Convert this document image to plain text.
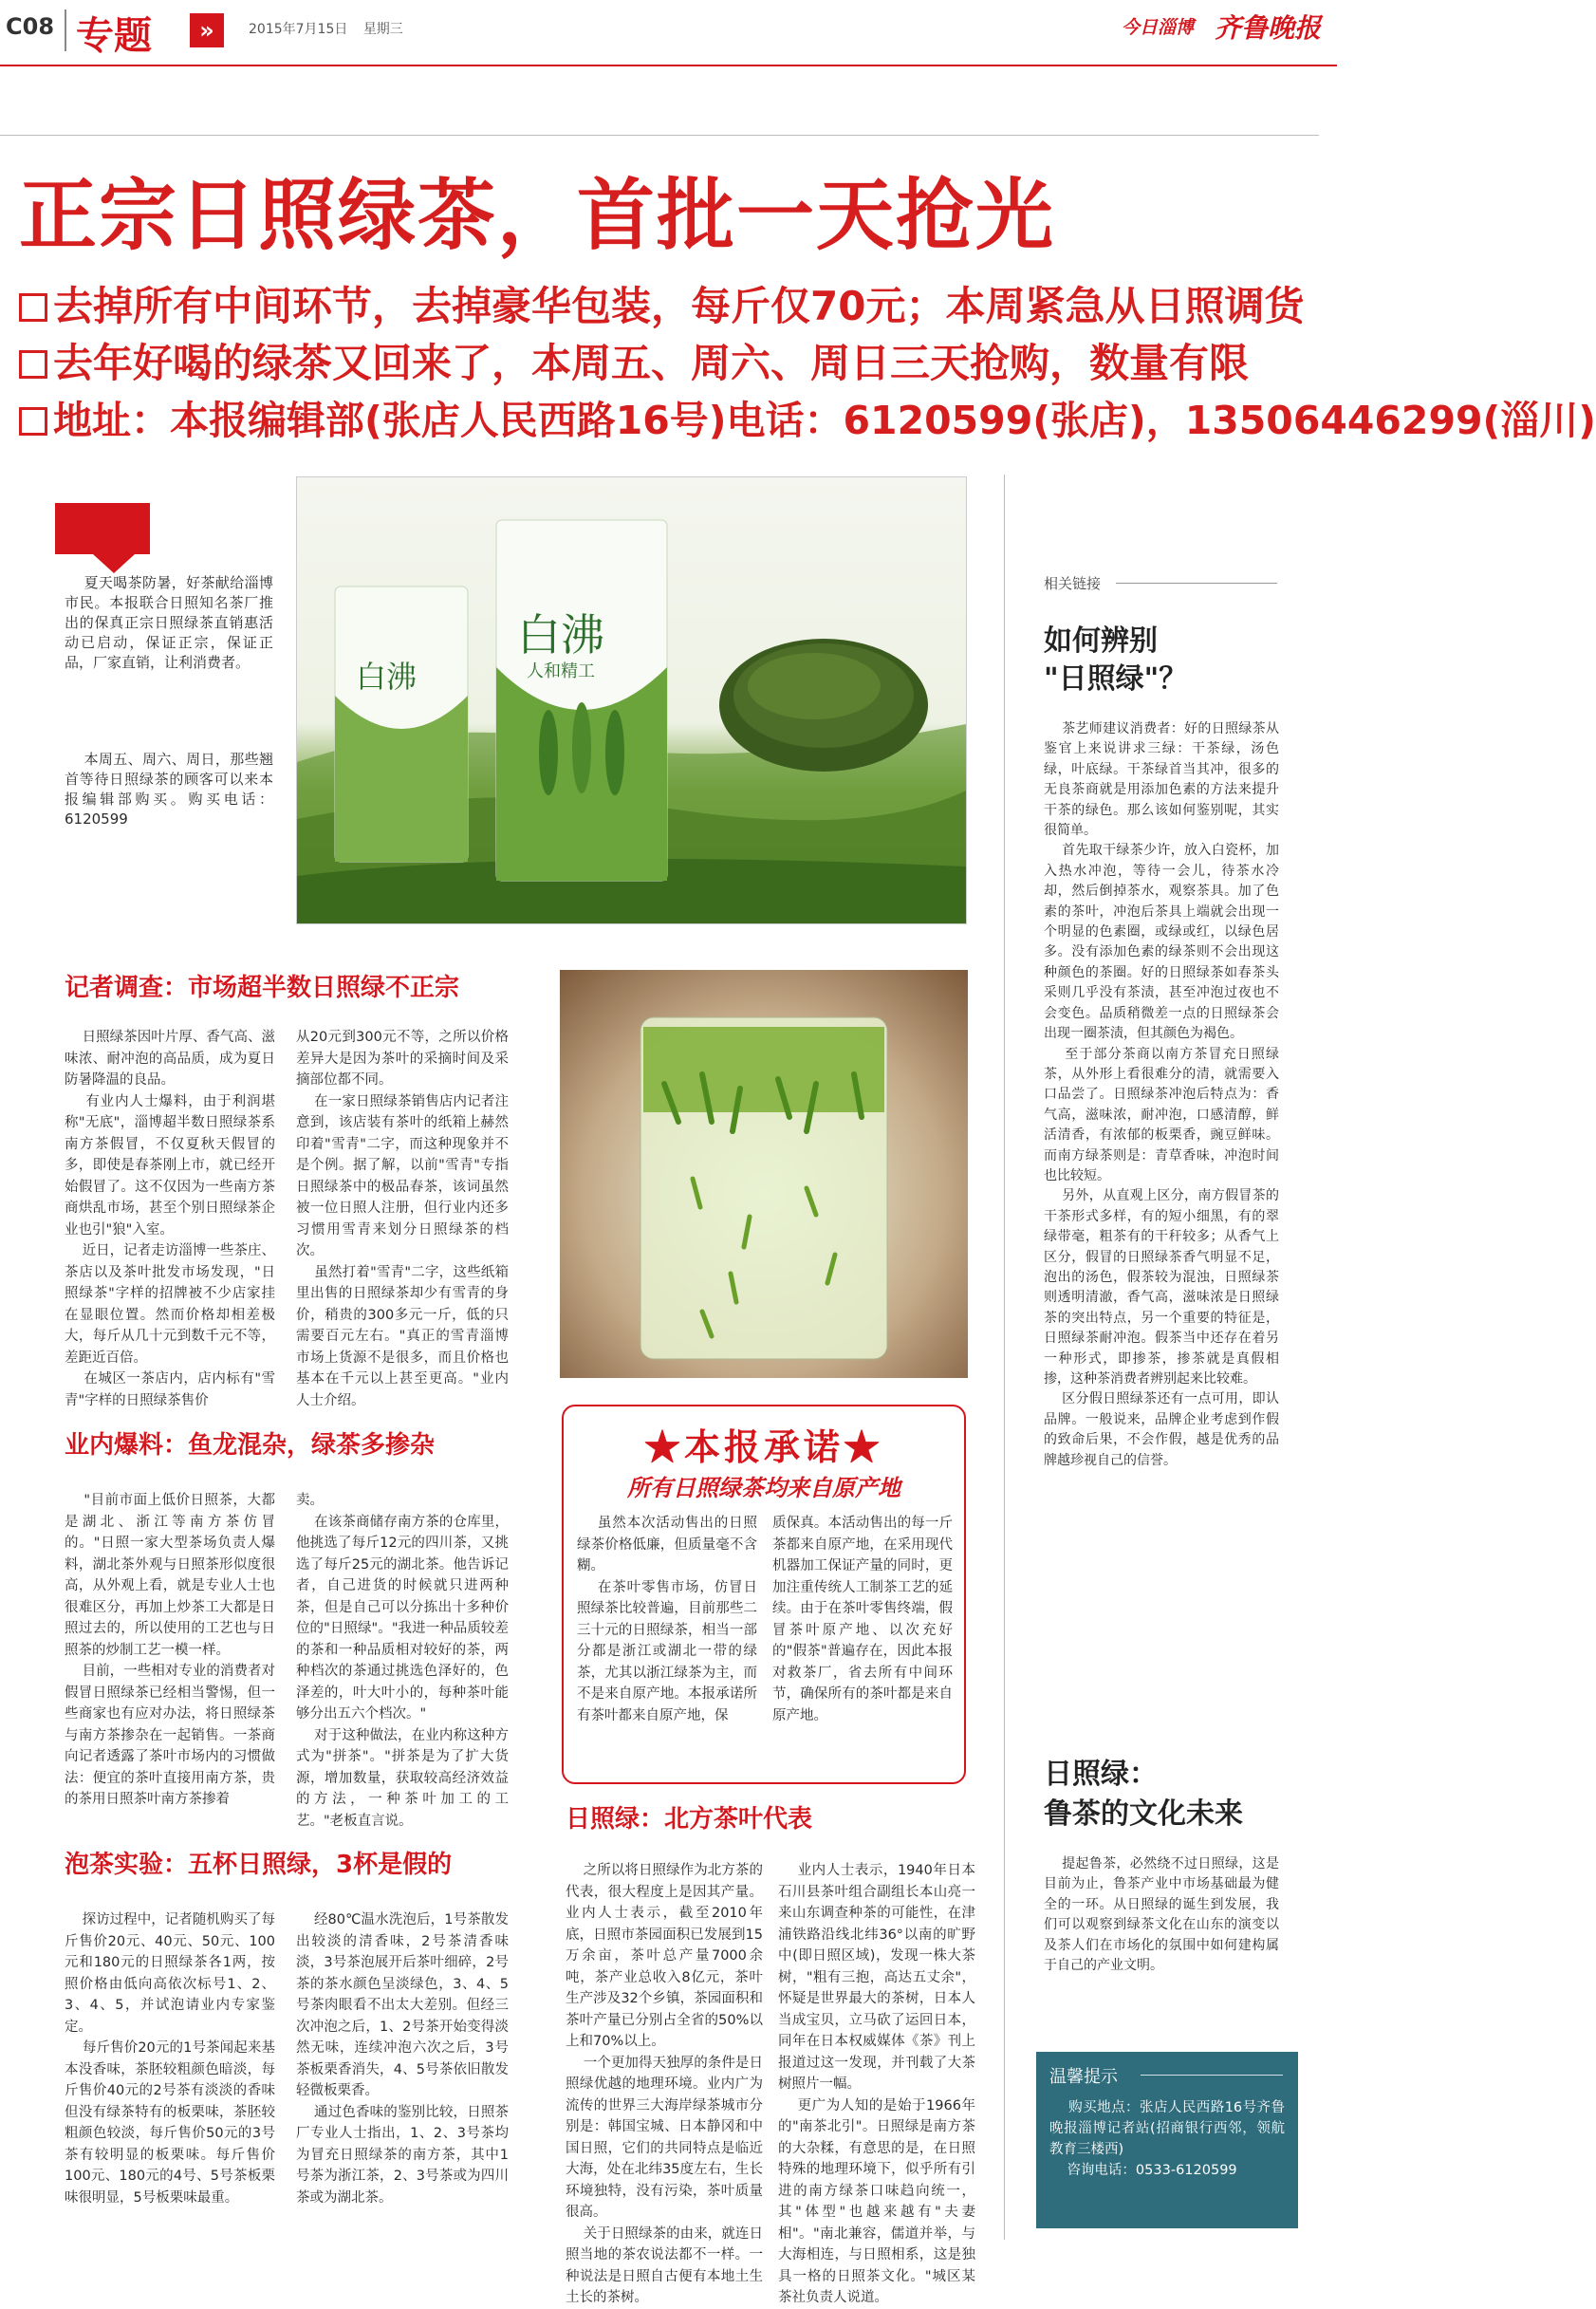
C08 专题	»	2015年7月15日 星期三	今日淄博 齐鲁晚报
正宗日照绿茶，首批一天抢光
去掉所有中间环节，去掉豪华包装，每斤仅70元；本周紧急从日照调货
去年好喝的绿茶又回来了，本周五、周六、周日三天抢购，数量有限
地址：本报编辑部(张店人民西路16号)电话：6120599(张店)，13506446299(淄川)
夏天喝茶防暑，好茶献给淄博市民。本报联合日照知名茶厂推出的保真正宗日照绿茶直销惠活动已启动，保证正宗，保证正品，厂家直销，让利消费者。
本周五、周六、周日，那些翘首等待日照绿茶的顾客可以来本报编辑部购买。购买电话：6120599
白沸
人和精工
白沸
记者调查：市场超半数日照绿不正宗
日照绿茶因叶片厚、香气高、滋味浓、耐冲泡的高品质，成为夏日防暑降温的良品。
有业内人士爆料，由于利润堪称"无底"，淄博超半数日照绿茶系南方茶假冒，不仅夏秋天假冒的多，即使是春茶刚上市，就已经开始假冒了。这不仅因为一些南方茶商烘乱市场，甚至个别日照绿茶企业也引"狼"入室。
近日，记者走访淄博一些茶庄、茶店以及茶叶批发市场发现，"日照绿茶"字样的招牌被不少店家挂在显眼位置。然而价格却相差极大，每斤从几十元到数千元不等，差距近百倍。
在城区一茶店内，店内标有"雪青"字样的日照绿茶售价
从20元到300元不等，之所以价格差异大是因为茶叶的采摘时间及采摘部位都不同。
在一家日照绿茶销售店内记者注意到，该店装有茶叶的纸箱上赫然印着"雪青"二字，而这种现象并不是个例。据了解，以前"雪青"专指日照绿茶中的极品春茶，该词虽然被一位日照人注册，但行业内还多习惯用雪青来划分日照绿茶的档次。
虽然打着"雪青"二字，这些纸箱里出售的日照绿茶却少有雪青的身价，稍贵的300多元一斤，低的只需要百元左右。"真正的雪青淄博市场上货源不是很多，而且价格也基本在千元以上甚至更高。"业内人士介绍。
业内爆料：鱼龙混杂，绿茶多掺杂
"目前市面上低价日照茶，大都是湖北、浙江等南方茶仿冒的。"日照一家大型茶场负责人爆料，湖北茶外观与日照茶形似度很高，从外观上看，就是专业人士也很难区分，再加上炒茶工大都是日照过去的，所以使用的工艺也与日照茶的炒制工艺一模一样。
目前，一些相对专业的消费者对假冒日照绿茶已经相当警惕，但一些商家也有应对办法，将日照绿茶与南方茶掺杂在一起销售。一茶商向记者透露了茶叶市场内的习惯做法：便宜的茶叶直接用南方茶，贵的茶用日照茶叶南方茶掺着
卖。
在该茶商储存南方茶的仓库里，他挑选了每斤12元的四川茶，又挑选了每斤25元的湖北茶。他告诉记者，自己进货的时候就只进两种茶，但是自己可以分拣出十多种价位的"日照绿"。"我进一种品质较差的茶和一种品质相对较好的茶，两种档次的茶通过挑选色泽好的，色泽差的，叶大叶小的，每种茶叶能够分出五六个档次。"
对于这种做法，在业内称这种方式为"拼茶"。"拼茶是为了扩大货源，增加数量，获取较高经济效益的方法，一种茶叶加工的工艺。"老板直言说。
★本报承诺★
所有日照绿茶均来自原产地
虽然本次活动售出的日照绿茶价格低廉，但质量毫不含糊。
在茶叶零售市场，仿冒日照绿茶比较普遍，目前那些二三十元的日照绿茶，相当一部分都是浙江或湖北一带的绿茶，尤其以浙江绿茶为主，而不是来自原产地。本报承诺所有茶叶都来自原产地，保
质保真。本活动售出的每一斤茶都来自原产地，在采用现代机器加工保证产量的同时，更加注重传统人工制茶工艺的延续。由于在茶叶零售终端，假冒茶叶原产地、以次充好的"假茶"普遍存在，因此本报对救茶厂，省去所有中间环节，确保所有的茶叶都是来自原产地。
泡茶实验：五杯日照绿，3杯是假的
探访过程中，记者随机购买了每斤售价20元、40元、50元、100元和180元的日照绿茶各1两，按照价格由低向高依次标号1、2、3、4、5，并试泡请业内专家鉴定。
每斤售价20元的1号茶闻起来基本没香味，茶胚较粗颜色暗淡，每斤售价40元的2号茶有淡淡的香味但没有绿茶特有的板栗味，茶胚较粗颜色较淡，每斤售价50元的3号茶有较明显的板栗味。每斤售价100元、180元的4号、5号茶板栗味很明显，5号板栗味最重。
经80℃温水洗泡后，1号茶散发出较淡的清香味，2号茶清香味淡，3号茶泡展开后茶叶细碎，2号茶的茶水颜色呈淡绿色，3、4、5号茶肉眼看不出太大差别。但经三次冲泡之后，1、2号茶开始变得淡然无味，连续冲泡六次之后，3号茶板栗香消失，4、5号茶依旧散发轻微板栗香。
通过色香味的鉴别比较，日照茶厂专业人士指出，1、2、3号茶均为冒充日照绿茶的南方茶，其中1号茶为浙江茶，2、3号茶或为四川茶或为湖北茶。
日照绿：北方茶叶代表
之所以将日照绿作为北方茶的代表，很大程度上是因其产量。业内人士表示，截至2010年底，日照市茶园面积已发展到15万余亩，茶叶总产量7000余吨，茶产业总收入8亿元，茶叶生产涉及32个乡镇，茶园面积和茶叶产量已分别占全省的50%以上和70%以上。
一个更加得天独厚的条件是日照绿优越的地理环境。业内广为流传的世界三大海岸绿茶城市分别是：韩国宝城、日本静冈和中国日照，它们的共同特点是临近大海，处在北纬35度左右，生长环境独特，没有污染，茶叶质量很高。
关于日照绿茶的由来，就连日照当地的茶农说法都不一样。一种说法是日照自古便有本地土生土长的茶树。
业内人士表示，1940年日本石川县茶叶组合副组长本山亮一来山东调查种茶的可能性，在津浦铁路沿线北纬36°以南的旷野中(即日照区域)，发现一株大茶树，"粗有三抱，高达五丈余"，怀疑是世界最大的茶树，日本人当成宝贝，立马砍了运回日本，同年在日本权威媒体《茶》刊上报道过这一发现，并刊载了大茶树照片一幅。
更广为人知的是始于1966年的"南茶北引"。日照绿是南方茶的大杂糅，有意思的是，在日照特殊的地理环境下，似乎所有引进的南方绿茶口味趋向统一，其"体型"也越来越有"夫妻相"。"南北兼容，儒道并举，与大海相连，与日照相系，这是独具一格的日照茶文化。"城区某茶社负责人说道。
相关链接
如何辨别
"日照绿"？
茶艺师建议消费者：好的日照绿茶从鉴官上来说讲求三绿：干茶绿，汤色绿，叶底绿。干茶绿首当其冲，很多的无良茶商就是用添加色素的方法来提升干茶的绿色。那么该如何鉴别呢，其实很简单。
首先取干绿茶少许，放入白瓷杯，加入热水冲泡，等待一会儿，待茶水冷却，然后倒掉茶水，观察茶具。加了色素的茶叶，冲泡后茶具上端就会出现一个明显的色素圈，或绿或红，以绿色居多。没有添加色素的绿茶则不会出现这种颜色的茶圈。好的日照绿茶如春茶头采则几乎没有茶渍，甚至冲泡过夜也不会变色。品质稍微差一点的日照绿茶会出现一圈茶渍，但其颜色为褐色。
至于部分茶商以南方茶冒充日照绿茶，从外形上看很难分的清，就需要入口品尝了。日照绿茶冲泡后特点为：香气高，滋味浓，耐冲泡，口感清醇，鲜活清香，有浓郁的板栗香，豌豆鲜味。而南方绿茶则是：青草香味，冲泡时间也比较短。
另外，从直观上区分，南方假冒茶的干茶形式多样，有的短小细黑，有的翠绿带毫，粗茶有的干秆较多；从香气上区分，假冒的日照绿茶香气明显不足，泡出的汤色，假茶较为混浊，日照绿茶则透明清澈，香气高，滋味浓是日照绿茶的突出特点，另一个重要的特征是，日照绿茶耐冲泡。假茶当中还存在着另一种形式，即掺茶，掺茶就是真假相掺，这种茶消费者辨别起来比较难。
区分假日照绿茶还有一点可用，即认品牌。一般说来，品牌企业考虑到作假的致命后果，不会作假，越是优秀的品牌越珍视自己的信誉。
日照绿：
鲁茶的文化未来
提起鲁茶，必然绕不过日照绿，这是目前为止，鲁茶产业中市场基础最为健全的一环。从日照绿的诞生到发展，我们可以观察到绿茶文化在山东的演变以及茶人们在市场化的氛围中如何建构属于自己的产业文明。
温馨提示
购买地点：张店人民西路16号齐鲁晚报淄博记者站(招商银行西邻，领航教育三楼西)
咨询电话：0533-6120599
